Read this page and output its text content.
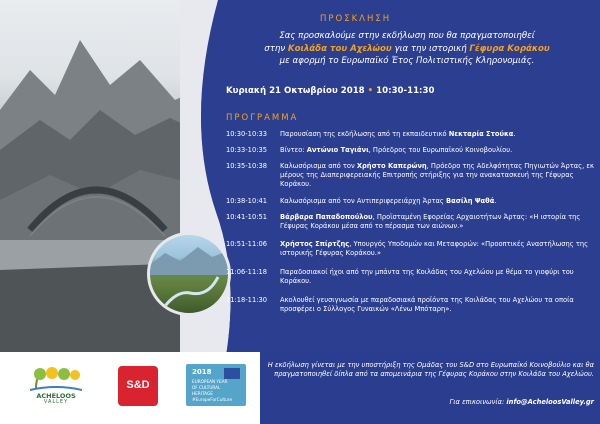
ΠΡΟΣΚΛΗΣΗ
Σας προσκαλούμε στην εκδήλωση που θα πραγματοποιηθεί
στην Κοιλάδα του Αχελώου για την ιστορική Γέφυρα Κοράκου
με αφορμή το Ευρωπαϊκό Έτος Πολιτιστικής Κληρονομιάς.
Κυριακή 21 Οκτωβρίου 2018 • 10:30-11:30
ΠΡΟΓΡΑΜΜΑ
10:30-10:33	Παρουσίαση της εκδήλωσης από τη εκπαιδευτικό Νεκταρία Στούκα.
10:33-10:35	Βίντεο: Αντώνιο Ταγιάνι, Πρόεδρος του Ευρωπαϊκού Κοινοβουλίου.
10:35-10:38	Καλωσόρισμα από τον Χρήστο Καπερώνη, Πρόεδρο της Αδελφότητας Πηγιωτών Άρτας, εκ μέρους της Διαπεριφερειακής Επιτροπής στήριξης για την ανακατασκευή της Γέφυρας Κοράκου.
10:38-10:41	Καλωσόρισμα από τον Αντιπεριφερειάρχη Άρτας Βασίλη Ψαθά.
10:41-10:51	Βάρβαρα Παπαδοπούλου, Προϊσταμένη Εφορείας Αρχαιοτήτων Άρτας: «Η ιστορία της Γέφυρας Κοράκου μέσα από το πέρασμα των αιώνων.»
10:51-11:06	Χρήστος Σπίρτζης, Υπουργός Υποδομών και Μεταφορών: «Προοπτικές Αναστήλωσης της ιστορικής Γέφυρας Κοράκου.»
11:06-11:18	Παραδοσιακοί ήχοι από την μπάντα της Κοιλάδας του Αχελώου με θέμα το γιοφύρι του Κοράκου.
11:18-11:30	Ακολουθεί γευσιγνωσία με παραδοσιακά προϊόντα της Κοιλάδας του Αχελώου τα οποία προσφέρει ο Σύλλογος Γυναικών «Λένω Μπόταρη».
ACHELOOS
VALLEY
S&D
2018
EUROPEAN YEAR
OF CULTURAL
HERITAGE
#EuropeForCulture
Η εκδήλωση γίνεται με την υποστήριξη της Ομάδας του S&D στο Ευρωπαϊκό Κοινοβούλιο και θα πραγματοποιηθεί δίπλα από τα απομεινάρια της Γέφυρας Κοράκου στην Κοιλάδα του Αχελώου.
Για επικοινωνία: info@AcheloosValley.gr
